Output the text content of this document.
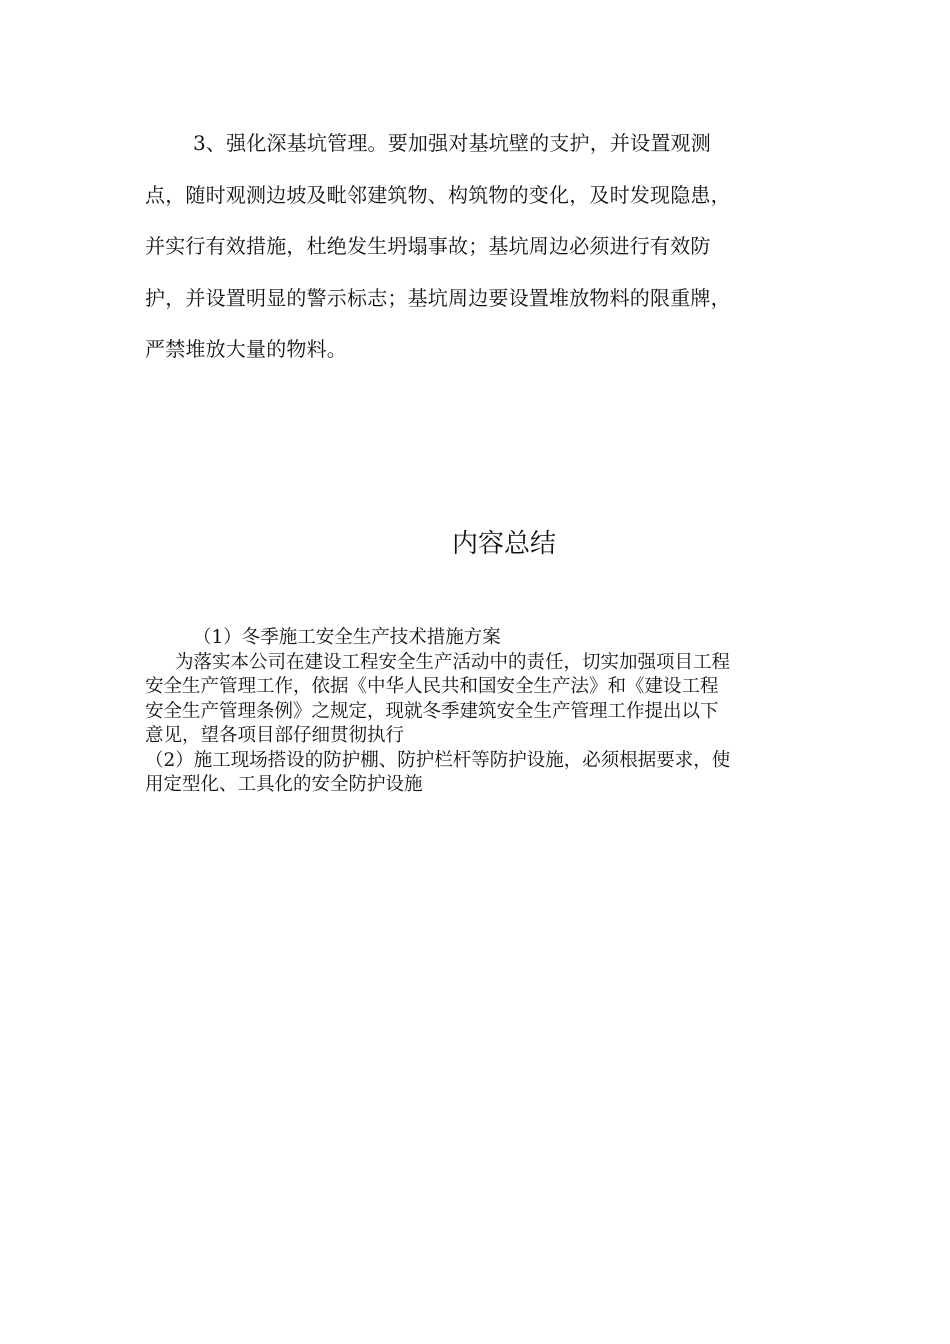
3、强化深基坑管理。要加强对基坑壁的支护，并设置观测
点，随时观测边坡及毗邻建筑物、构筑物的变化，及时发现隐患，
并实行有效措施，杜绝发生坍塌事故；基坑周边必须进行有效防
护，并设置明显的警示标志；基坑周边要设置堆放物料的限重牌，
严禁堆放大量的物料。
内容总结
（1）冬季施工安全生产技术措施方案
为落实本公司在建设工程安全生产活动中的责任，切实加强项目工程
安全生产管理工作，依据《中华人民共和国安全生产法》和《建设工程
安全生产管理条例》之规定，现就冬季建筑安全生产管理工作提出以下
意见，望各项目部仔细贯彻执行
（2）施工现场搭设的防护棚、防护栏杆等防护设施，必须根据要求，使
用定型化、工具化的安全防护设施
